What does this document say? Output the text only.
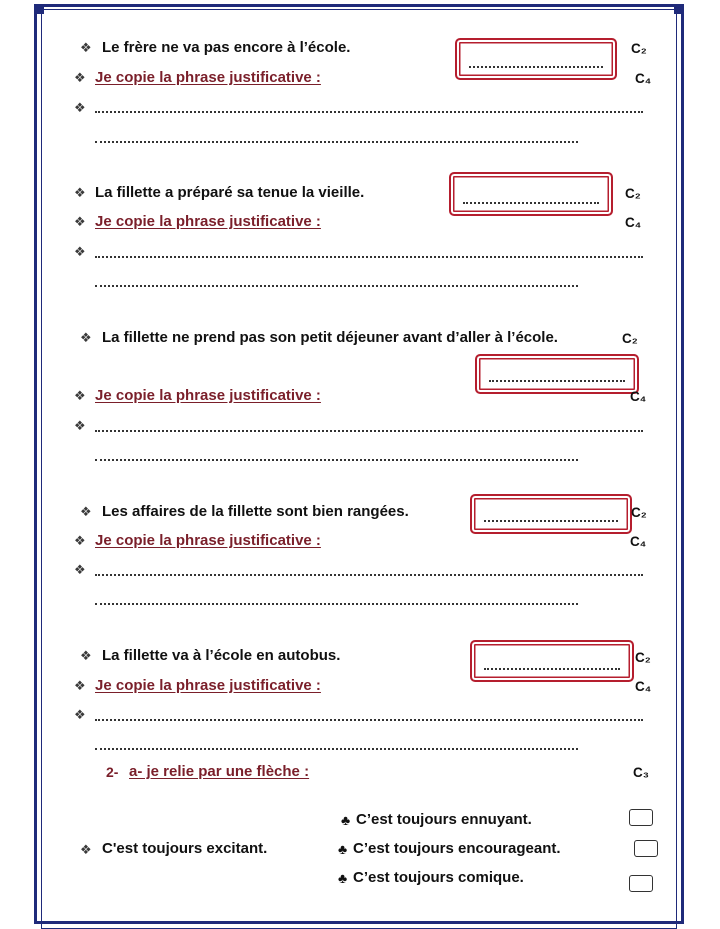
❖ Le frère ne va pas encore à l’école.	C₂
❖ Je copie la phrase justificative :	C₄
❖
❖ La fillette a préparé sa tenue la vieille.	C₂
❖ Je copie la phrase justificative :	C₄
❖
❖ La fillette ne prend pas son petit déjeuner avant d’aller à l’école.	C₂
❖ Je copie la phrase justificative :	C₄
❖
❖ Les affaires de la fillette sont bien rangées.	C₂
❖ Je copie la phrase justificative :	C₄
❖
❖ La fillette va à l’école en autobus.	C₂
❖ Je copie la phrase justificative :	C₄
❖
2- a- je relie par une flèche :	C₃
♣ C’est toujours ennuyant.
❖ C'est toujours excitant.	♣ C’est toujours encourageant.
♣ C’est toujours comique.
